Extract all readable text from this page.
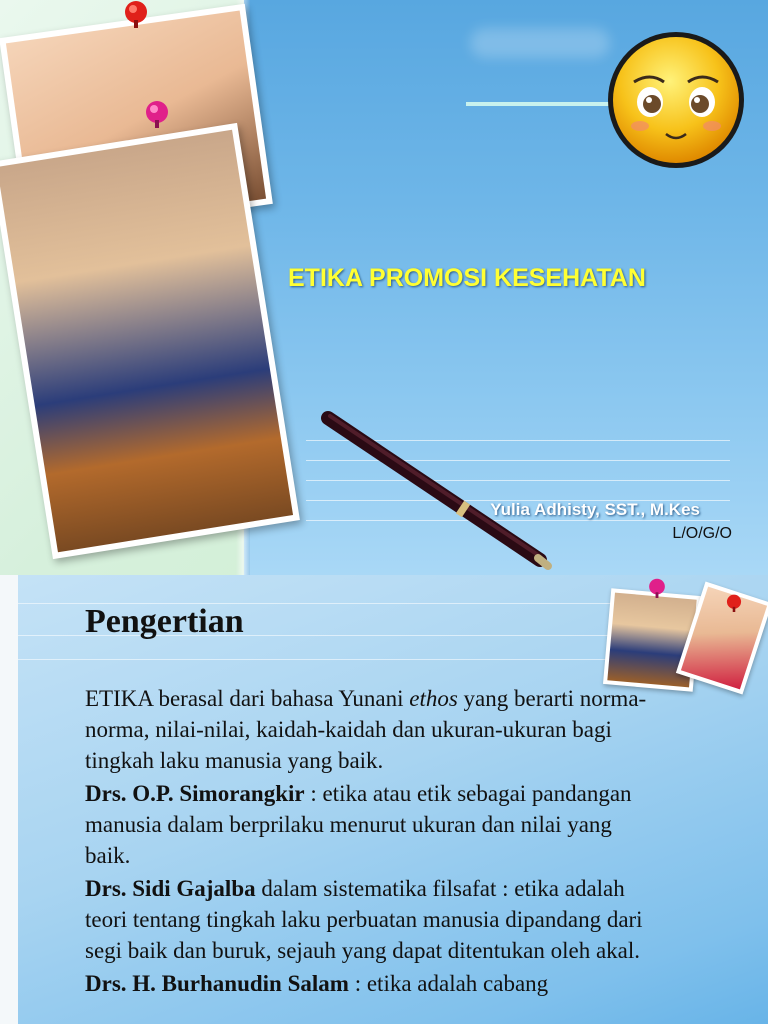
ETIKA PROMOSI KESEHATAN
Yulia Adhisty, SST., M.Kes
L/O/G/O
Pengertian

ETIKA berasal dari bahasa Yunani ethos yang berarti norma-norma, nilai-nilai, kaidah-kaidah dan ukuran-ukuran bagi tingkah laku manusia yang baik.

Drs. O.P. Simorangkir : etika atau etik sebagai pandangan manusia dalam berprilaku menurut ukuran dan nilai yang baik.

Drs. Sidi Gajalba dalam sistematika filsafat : etika adalah teori tentang tingkah laku perbuatan manusia dipandang dari segi baik dan buruk, sejauh yang dapat ditentukan oleh akal.

Drs. H. Burhanudin Salam : etika adalah cabang
